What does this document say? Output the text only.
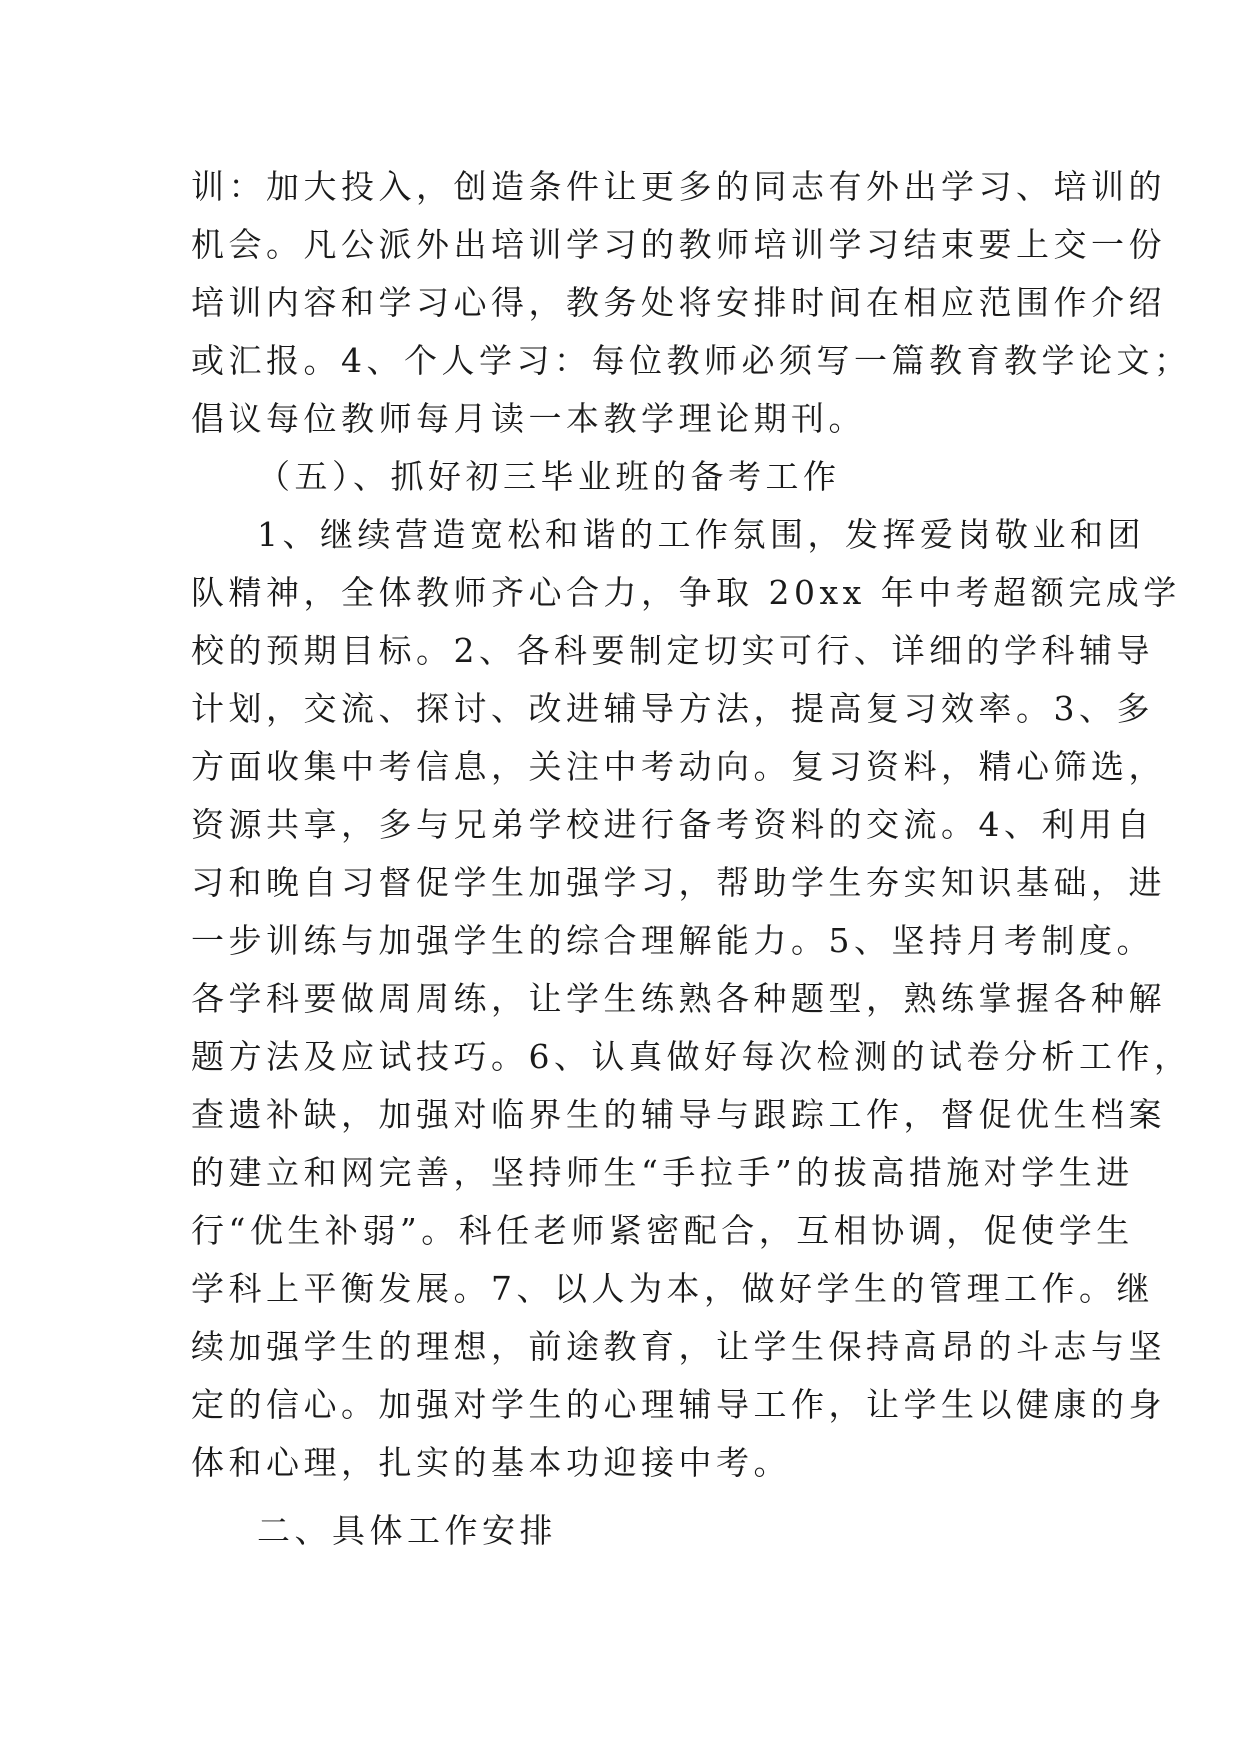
训：加大投入，创造条件让更多的同志有外出学习、培训的
机会。凡公派外出培训学习的教师培训学习结束要上交一份
培训内容和学习心得，教务处将安排时间在相应范围作介绍
或汇报。4、个人学习：每位教师必须写一篇教育教学论文；
倡议每位教师每月读一本教学理论期刊。
（五）、抓好初三毕业班的备考工作
1、继续营造宽松和谐的工作氛围，发挥爱岗敬业和团
队精神，全体教师齐心合力，争取 20xx 年中考超额完成学
校的预期目标。2、各科要制定切实可行、详细的学科辅导
计划，交流、探讨、改进辅导方法，提高复习效率。3、多
方面收集中考信息，关注中考动向。复习资料，精心筛选，
资源共享，多与兄弟学校进行备考资料的交流。4、利用自
习和晚自习督促学生加强学习，帮助学生夯实知识基础，进
一步训练与加强学生的综合理解能力。5、坚持月考制度。
各学科要做周周练，让学生练熟各种题型，熟练掌握各种解
题方法及应试技巧。6、认真做好每次检测的试卷分析工作，
查遗补缺，加强对临界生的辅导与跟踪工作，督促优生档案
的建立和网完善，坚持师生“手拉手”的拔高措施对学生进
行“优生补弱”。科任老师紧密配合，互相协调，促使学生
学科上平衡发展。7、以人为本，做好学生的管理工作。继
续加强学生的理想，前途教育，让学生保持高昂的斗志与坚
定的信心。加强对学生的心理辅导工作，让学生以健康的身
体和心理，扎实的基本功迎接中考。
二、具体工作安排
